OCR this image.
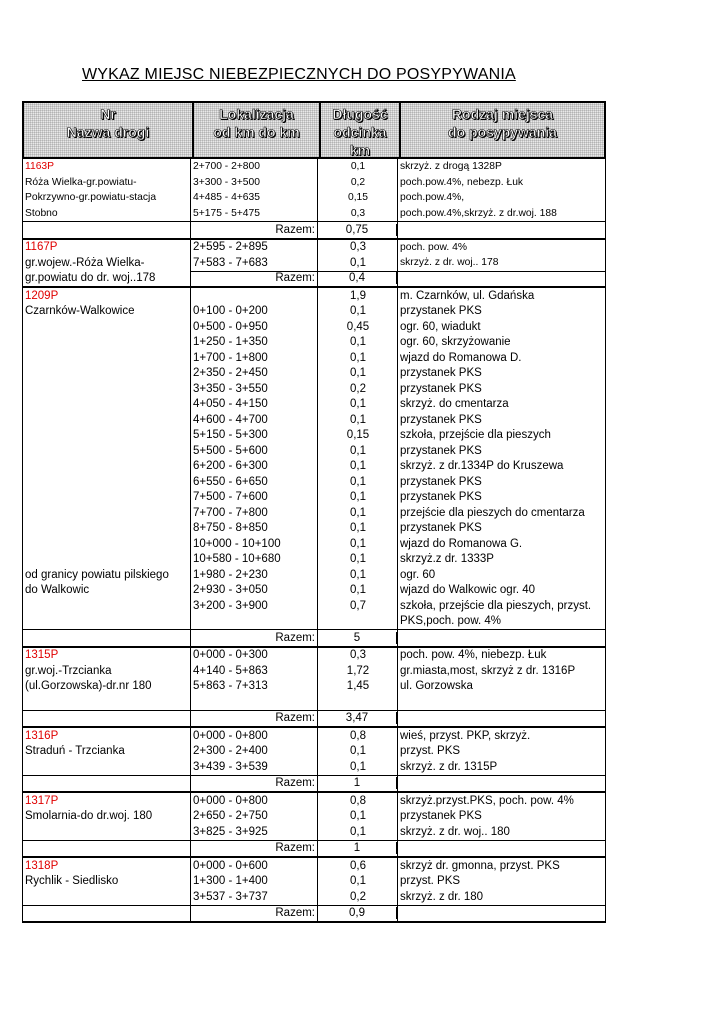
WYKAZ MIEJSC NIEBEZPIECZNYCH DO POSYPYWANIA
Nr
Nazwa drogi
Lokalizacja
od km do km
Długość
odcinka
km
Rodzaj miejsca
do posypywania
1163P	2+700 - 2+800	0,1	skrzyż. z drogą 1328P
Róża Wielka-gr.powiatu-	3+300 - 3+500	0,2	poch.pow.4%, nebezp. Łuk
Pokrzywno-gr.powiatu-stacja	4+485 - 4+635	0,15	poch.pow.4%,
Stobno	5+175 - 5+475	0,3	poch.pow.4%,skrzyż. z dr.woj. 188
Razem:	0,75
1167P	2+595 - 2+895	0,3	poch. pow. 4%
gr.wojew.-Róża Wielka-	7+583 - 7+683	0,1	skrzyż. z dr. woj.. 178
gr.powiatu do dr. woj..178	Razem:	0,4
1209P	1,9	m. Czarnków, ul. Gdańska
Czarnków-Walkowice	0+100 - 0+200	0,1	przystanek PKS
0+500 - 0+950	0,45	ogr. 60, wiadukt
1+250 - 1+350	0,1	ogr. 60, skrzyżowanie
1+700 - 1+800	0,1	wjazd do Romanowa D.
2+350 - 2+450	0,1	przystanek PKS
3+350 - 3+550	0,2	przystanek PKS
4+050 - 4+150	0,1	skrzyż. do cmentarza
4+600 - 4+700	0,1	przystanek PKS
5+150 - 5+300	0,15	szkoła, przejście dla pieszych
5+500 - 5+600	0,1	przystanek PKS
6+200 - 6+300	0,1	skrzyż. z dr.1334P do Kruszewa
6+550 - 6+650	0,1	przystanek PKS
7+500 - 7+600	0,1	przystanek PKS
7+700 - 7+800	0,1	przejście dla pieszych do cmentarza
8+750 - 8+850	0,1	przystanek PKS
10+000 - 10+100	0,1	wjazd do Romanowa G.
10+580 - 10+680	0,1	skrzyż.z dr. 1333P
od granicy powiatu pilskiego	1+980 - 2+230	0,1	ogr. 60
do Walkowic	2+930 - 3+050	0,1	wjazd do Walkowic ogr. 40
3+200 - 3+900	0,7	szkoła, przejście dla pieszych, przyst.
PKS,poch. pow. 4%
Razem:	5
1315P	0+000 - 0+300	0,3	poch. pow. 4%, niebezp. Łuk
gr.woj.-Trzcianka	4+140 - 5+863	1,72	gr.miasta,most, skrzyż z dr. 1316P
(ul.Gorzowska)-dr.nr 180	5+863 - 7+313	1,45	ul. Gorzowska
Razem:	3,47
1316P	0+000 - 0+800	0,8	wieś, przyst. PKP, skrzyż.
Straduń - Trzcianka	2+300 - 2+400	0,1	przyst. PKS
3+439 - 3+539	0,1	skrzyż. z dr. 1315P
Razem:	1
1317P	0+000 - 0+800	0,8	skrzyż.przyst.PKS, poch. pow. 4%
Smolarnia-do dr.woj. 180	2+650 - 2+750	0,1	przystanek PKS
3+825 - 3+925	0,1	skrzyż. z dr. woj.. 180
Razem:	1
1318P	0+000 - 0+600	0,6	skrzyż dr. gmonna, przyst. PKS
Rychlik - Siedlisko	1+300 - 1+400	0,1	przyst. PKS
3+537 - 3+737	0,2	skrzyż. z dr. 180
Razem:	0,9
